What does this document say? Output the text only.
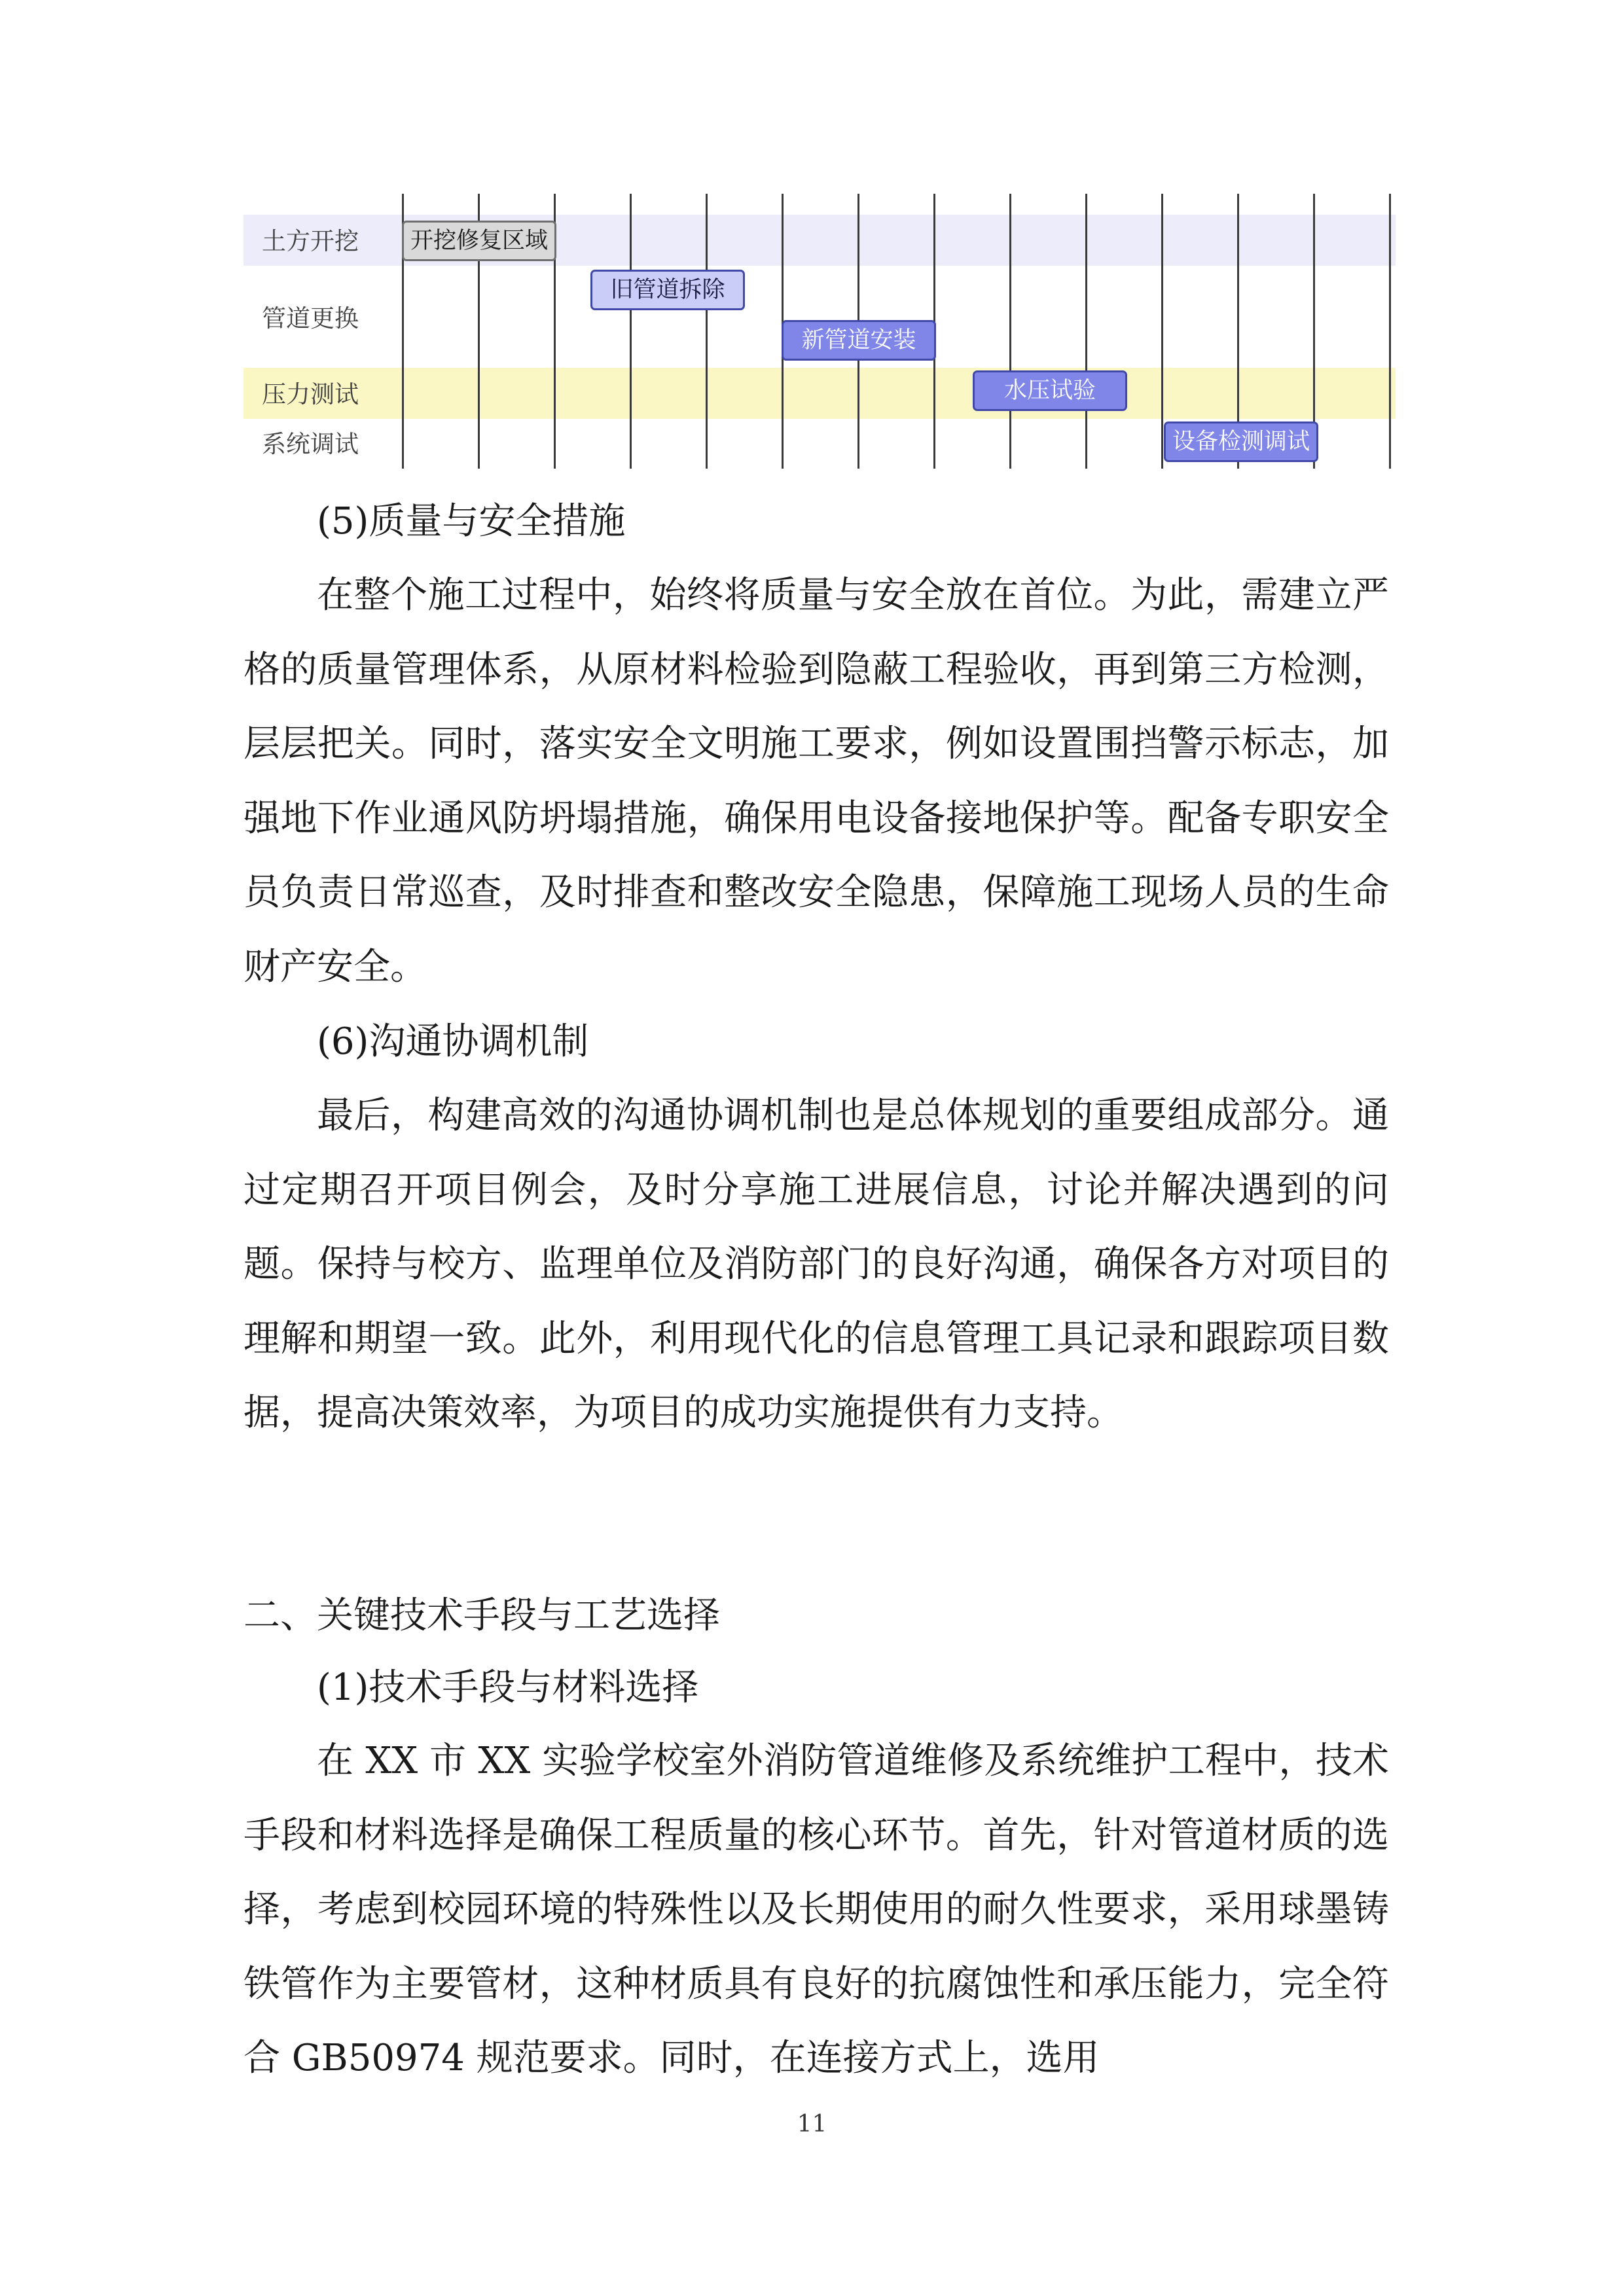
土方开挖
管道更换
压力测试
系统调试
开挖修复区域
旧管道拆除
新管道安装
水压试验
设备检测调试

(5)质量与安全措施

在整个施工过程中，始终将质量与安全放在首位。为此，需建立严格的质量管理体系，从原材料检验到隐蔽工程验收，再到第三方检测，层层把关。同时，落实安全文明施工要求，例如设置围挡警示标志，加强地下作业通风防坍塌措施，确保用电设备接地保护等。配备专职安全员负责日常巡查，及时排查和整改安全隐患，保障施工现场人员的生命财产安全。

(6)沟通协调机制

最后，构建高效的沟通协调机制也是总体规划的重要组成部分。通过定期召开项目例会，及时分享施工进展信息，讨论并解决遇到的问题。保持与校方、监理单位及消防部门的良好沟通，确保各方对项目的理解和期望一致。此外，利用现代化的信息管理工具记录和跟踪项目数据，提高决策效率，为项目的成功实施提供有力支持。

二、关键技术手段与工艺选择

(1)技术手段与材料选择

在 XX 市 XX 实验学校室外消防管道维修及系统维护工程中，技术手段和材料选择是确保工程质量的核心环节。首先，针对管道材质的选择，考虑到校园环境的特殊性以及长期使用的耐久性要求，采用球墨铸铁管作为主要管材，这种材质具有良好的抗腐蚀性和承压能力，完全符合 GB50974 规范要求。同时，在连接方式上，选用

11
